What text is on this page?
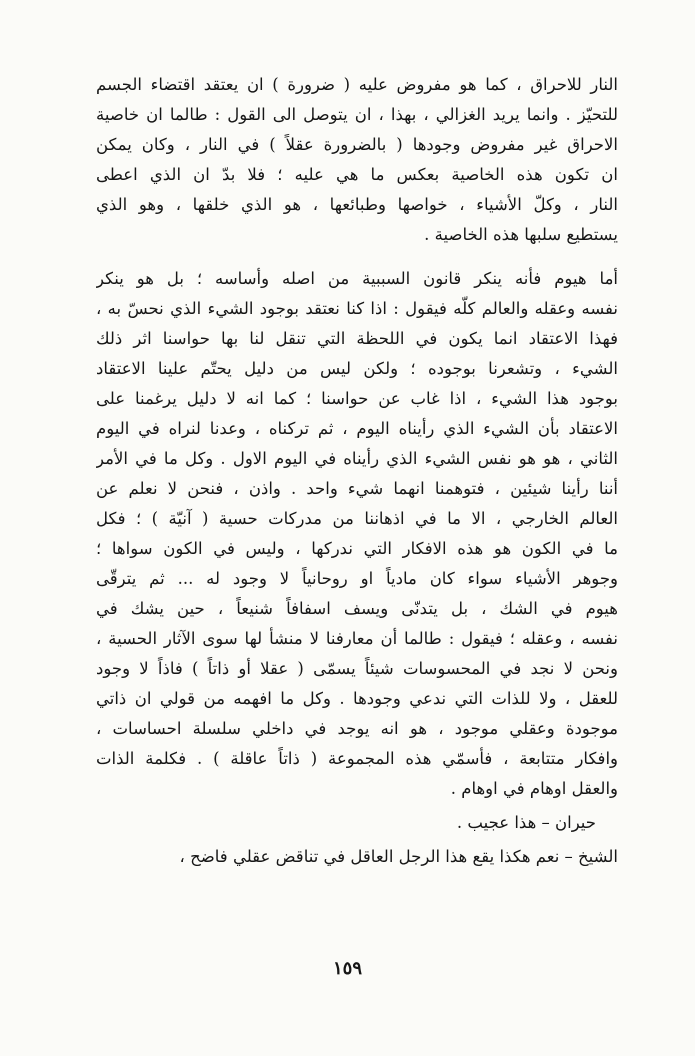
النار للاحراق ، كما هو مفروض عليه ( ضرورة ) ان يعتقد اقتضاء الجسم
للتحيّز . وانما يريد الغزالي ، بهذا ، ان يتوصل الى القول : طالما ان خاصية
الاحراق غير مفروض وجودها ( بالضرورة عقلاً ) في النار ، وكان يمكن
ان تكون هذه الخاصية بعكس ما هي عليه ؛ فلا بدّ ان الذي اعطى
النار ، وكلّ الأشياء ، خواصها وطبائعها ، هو الذي خلقها ، وهو الذي
يستطيع سلبها هذه الخاصية .
أما هيوم فأنه ينكر قانون السببية من اصله وأساسه ؛ بل هو ينكر
نفسه وعقله والعالم كلّه فيقول : اذا كنا نعتقد بوجود الشيء الذي نحسّ به ،
فهذا الاعتقاد انما يكون في اللحظة التي تنقل لنا بها حواسنا اثر ذلك
الشيء ، وتشعرنا بوجوده ؛ ولكن ليس من دليل يحتّم علينا الاعتقاد
بوجود هذا الشيء ، اذا غاب عن حواسنا ؛ كما انه لا دليل يرغمنا على
الاعتقاد بأن الشيء الذي رأيناه اليوم ، ثم تركناه ، وعدنا لنراه في اليوم
الثاني ، هو هو نفس الشيء الذي رأيناه في اليوم الاول . وكل ما في الأمر
أننا رأينا شيئين ، فتوهمنا انهما شيء واحد . واذن ، فنحن لا نعلم عن
العالم الخارجي ، الا ما في اذهاننا من مدركات حسية ( آنيّة ) ؛ فكل
ما في الكون هو هذه الافكار التي ندركها ، وليس في الكون سواها ؛
وجوهر الأشياء سواء كان مادياً او روحانياً لا وجود له ... ثم يترقّى
هيوم في الشك ، بل يتدنّى ويسف اسفافاً شنيعاً ، حين يشك في
نفسه ، وعقله ؛ فيقول : طالما أن معارفنا لا منشأ لها سوى الآثار الحسية ،
ونحن لا نجد في المحسوسات شيئاً يسمّى ( عقلا أو ذاتاً ) فاذاً لا وجود
للعقل ، ولا للذات التي ندعي وجودها . وكل ما افهمه من قولي ان ذاتي
موجودة وعقلي موجود ، هو انه يوجد في داخلي سلسلة احساسات ،
وافكار متتابعة ، فأسمّي هذه المجموعة ( ذاتاً عاقلة ) . فكلمة الذات
والعقل اوهام في اوهام .
حيران – هذا عجيب .
الشيخ – نعم هكذا يقع هذا الرجل العاقل في تناقض عقلي فاضح ،
١٥٩
